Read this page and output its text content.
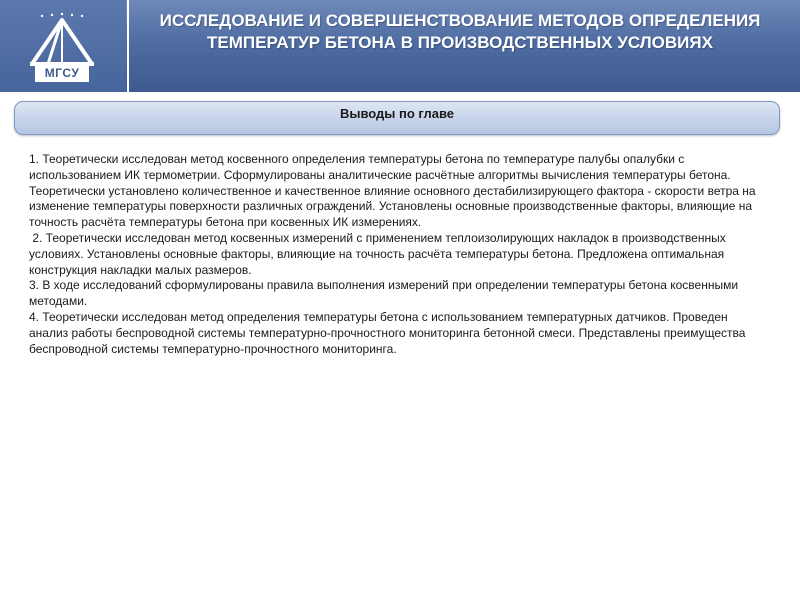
МГСУ
ИССЛЕДОВАНИЕ И СОВЕРШЕНСТВОВАНИЕ МЕТОДОВ ОПРЕДЕЛЕНИЯ ТЕМПЕРАТУР БЕТОНА В ПРОИЗВОДСТВЕННЫХ УСЛОВИЯХ
Выводы по главе

1. Теоретически исследован метод косвенного определения температуры бетона по температуре палубы опалубки с использованием ИК термометрии. Сформулированы аналитические расчётные алгоритмы вычисления температуры бетона. Теоретически установлено количественное и качественное влияние основного дестабилизирующего фактора - скорости ветра на изменение температуры поверхности различных ограждений. Установлены основные производственные факторы, влияющие на точность расчёта температуры бетона при косвенных ИК измерениях.

2. Теоретически исследован метод косвенных измерений с применением теплоизолирующих накладок в производственных условиях. Установлены основные факторы, влияющие на точность расчёта температуры бетона. Предложена оптимальная конструкция накладки малых размеров.

3. В ходе исследований сформулированы правила выполнения измерений при определении температуры бетона косвенными методами.

4. Теоретически исследован метод определения температуры бетона с использованием температурных датчиков. Проведен анализ работы беспроводной системы температурно-прочностного мониторинга бетонной смеси. Представлены преимущества беспроводной системы температурно-прочностного мониторинга.
